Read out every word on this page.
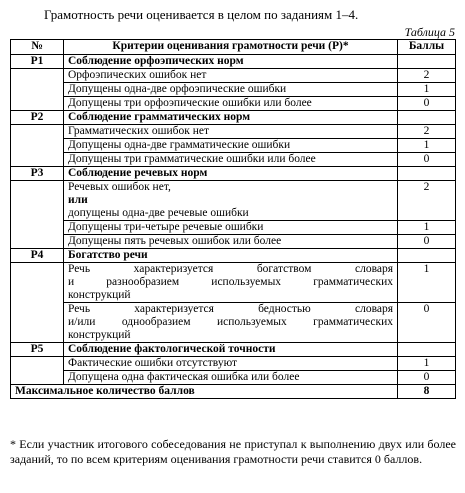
Грамотность речи оценивается в целом по заданиям 1–4.
Таблица 5
№	Критерии оценивания грамотности речи (Р)*	Баллы
Р1	Соблюдение орфоэпических норм	
	Орфоэпических ошибок нет	2
	Допущены одна-две орфоэпические ошибки	1
	Допущены три орфоэпические ошибки или более	0
Р2	Соблюдение грамматических норм	
	Грамматических ошибок нет	2
	Допущены одна-две грамматические ошибки	1
	Допущены три грамматические ошибки или более	0
Р3	Соблюдение речевых норм	

	Речевых ошибок нет,
или
допущены одна-две речевые ошибки	2
	Допущены три-четыре речевые ошибки	1
	Допущены пять речевых ошибок или более	0
Р4	Богатство речи	

	Речь характеризуется богатством словаря
и разнообразием используемых грамматических
конструкций	1

	Речь характеризуется бедностью словаря
и/или однообразием используемых грамматических
конструкций	0
Р5	Соблюдение фактологической точности	
	Фактические ошибки отсутствуют	1
	Допущена одна фактическая ошибка или более	0
Максимальное количество баллов		8
* Если участник итогового собеседования не приступал к выполнению двух или более заданий, то по всем критериям оценивания грамотности речи ставится 0 баллов.
